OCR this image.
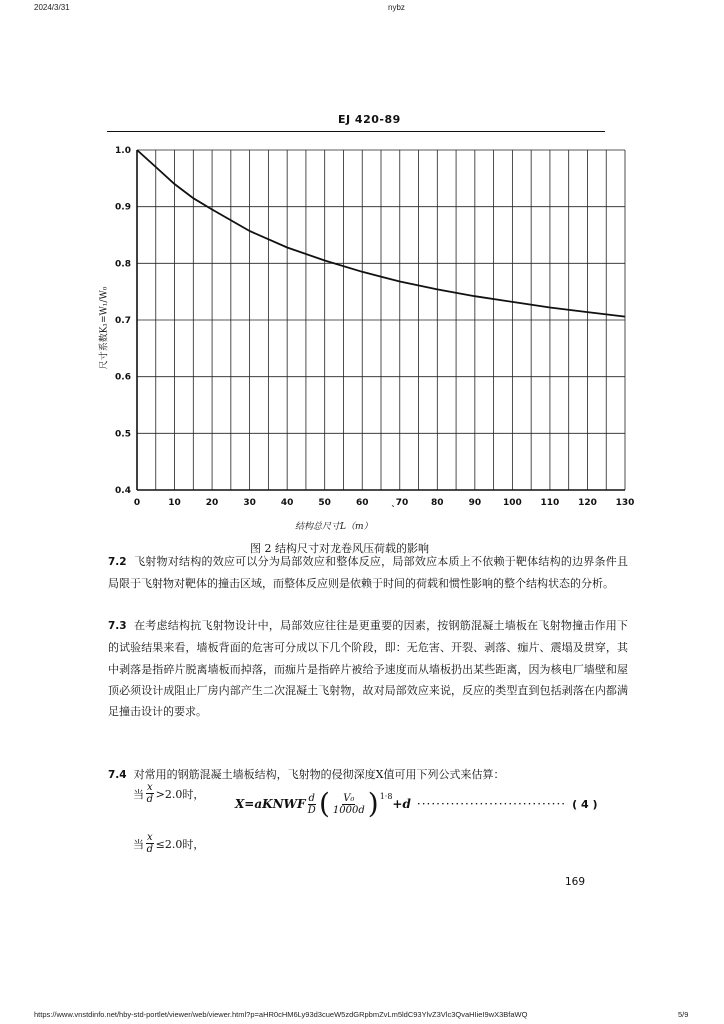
2024/3/31	nybz
EJ 420-89
0	10	20	30	40	50	60	ˎ70	80	90 100 110 120 130
0.4
0.5
0.6
0.7
0.8
0.9
1.0
结构总尺寸L（m）
尺寸系数K₁=W₁/W₀
图 2 结构尺寸对龙卷风压荷载的影响
7.2 飞射物对结构的效应可以分为局部效应和整体反应，局部效应本质上不依赖于靶体结构的边界条件且局限于飞射物对靶体的撞击区域，而整体反应则是依赖于时间的荷载和惯性影响的整个结构状态的分析。
7.3 在考虑结构抗飞射物设计中，局部效应往往是更重要的因素，按钢筋混凝土墙板在飞射物撞击作用下的试验结果来看，墙板背面的危害可分成以下几个阶段，即：无危害、开裂、剥落、痂片、震塌及贯穿，其中剥落是指碎片脱离墙板而掉落，而痂片是指碎片被给予速度而从墙板扔出某些距离，因为核电厂墙壁和屋顶必须设计成阻止厂房内部产生二次混凝土飞射物，故对局部效应来说，反应的类型直到包括剥落在内都满足撞击设计的要求。
7.4 对常用的钢筋混凝土墙板结构，飞射物的侵彻深度X值可用下列公式来估算：
当 $\frac{x}{d} >2.0$时，
X=aKNWF $\frac{d}{D}$ ( $\frac{\text{V₀}}{1000d}$ ) 1·8
+d ······························· ( 4 )
当 $\frac{x}{d} \le 2.0$时，
169
https://www.vnstdinfo.net/hby-std-portlet/viewer/web/viewer.html?p=aHR0cHM6Ly93d3cueW5zdGRpbmZvLm5ldC93YlvZ3Vlc3QvaHIieI9wX3BfaWQ	5/9
